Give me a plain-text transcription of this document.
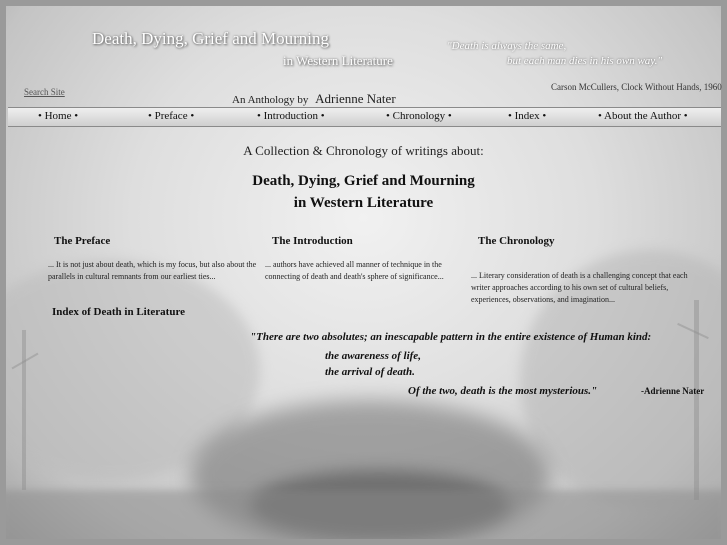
Death, Dying, Grief and Mourning
in Western Literature
"Death is always the same,
but each man dies in his own way."
Carson McCullers, Clock Without Hands, 1960
Search Site
An Anthology by Adrienne Nater
• Home •	• Preface •	• Introduction •	• Chronology •	• Index •	• About the Author •
A Collection & Chronology of writings about:
Death, Dying, Grief and Mourning
in Western Literature
The Preface
... It is not just about death, which is my focus, but also about the parallels in cultural remnants from our earliest ties...
The Introduction
... authors have achieved all manner of technique in the connecting of death and death's sphere of significance...
The Chronology
... Literary consideration of death is a challenging concept that each writer approaches according to his own set of cultural beliefs, experiences, observations, and imagination...
Index of Death in Literature
"There are two absolutes; an inescapable pattern in the entire existence of Human kind:
the awareness of life,
the arrival of death.
Of the two, death is the most mysterious."	-Adrienne Nater
